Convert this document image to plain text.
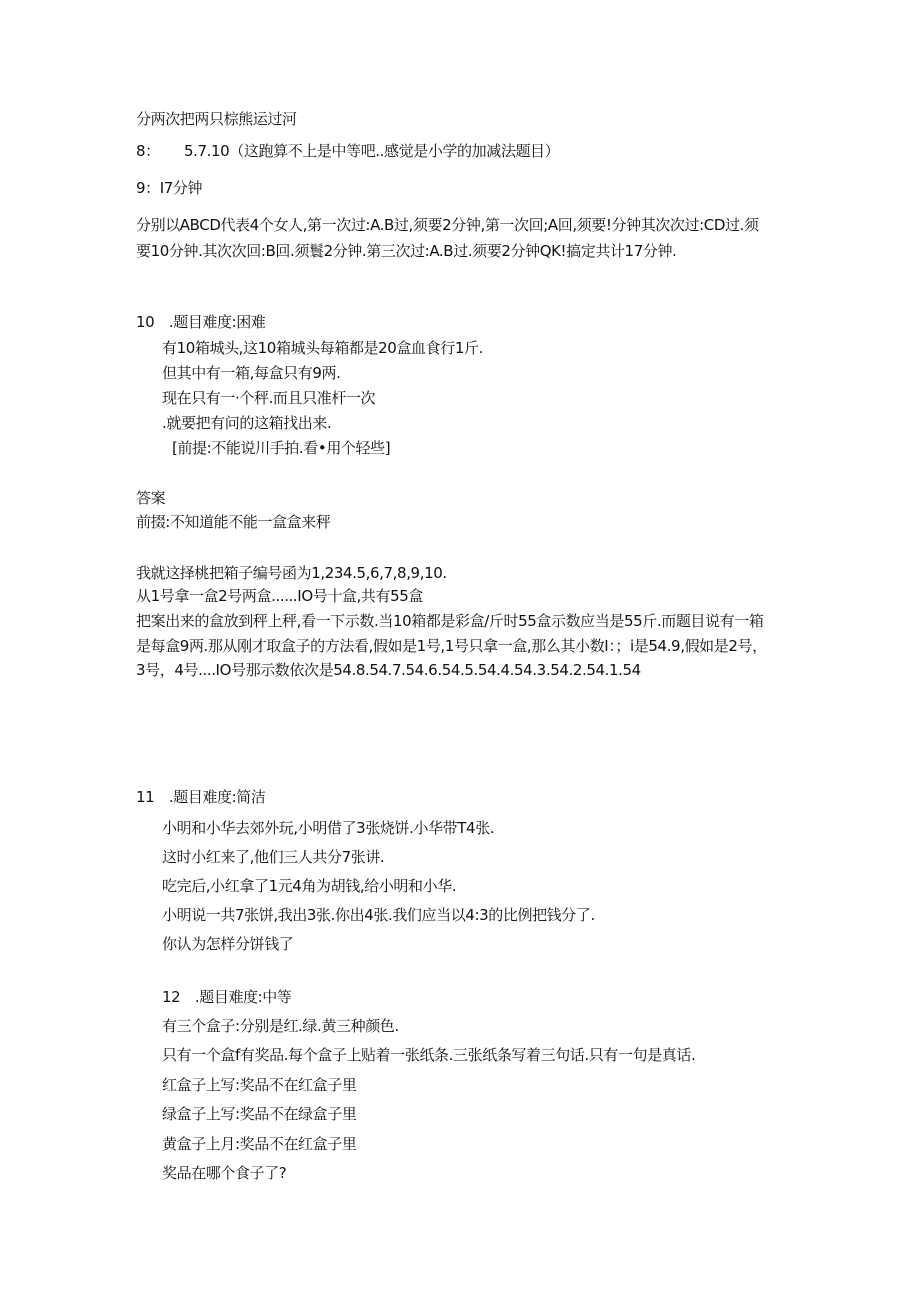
分两次把两只棕熊运过河
8： 5.7.10（这跑算不上是中等吧..感觉是小学的加减法题目）
9：I7分钟
分别以ABCD代表4个女人,第一次过:A.B过,须要2分钟,第一次回;A回,须要!分钟其次次过:CD过.须
要10分钟.其次次回:B回.须鬟2分钟.第三次过:A.B过.须要2分钟QK!搞定共计17分钟.
10　.题目难度:困难
有10箱城头,这10箱城头每箱都是20盒血食行1斤.
但其中有一箱,每盒只有9两.
现在只有一·个秤.而且只准杆一次
.就要把有问的这箱找出来.
[前提:不能说川手拍.看•用个轻些]
答案
前掇:不知道能不能一盒盒来秤
我就这择桃把箱子编号函为1,234.5,6,7,8,9,10.
从1号拿一盒2号两盒......IO号十盒,共有55盒
把案出来的盒放到秤上秤,看一下示数.当10箱都是彩盒/斤时55盒示数应当是55斤.而题目说有一箱
是每盒9两.那从刚才取盒子的方法看,假如是1号,1号只拿一盒,那么其小数I：；i是54.9,假如是2号，
3号，4号....IO号那示数依次是54.8.54.7.54.6.54.5.54.4.54.3.54.2.54.1.54
11　.题目难度:简洁
小明和小华去郊外玩,小明借了3张烧饼.小华带T4张.
这时小红来了,他们三人共分7张讲.
吃完后,小红拿了1元4角为胡钱,给小明和小华.
小明说一共7张饼,我出3张.你出4张.我们应当以4:3的比例把钱分了.
你认为怎样分饼钱了
12　.题目难度:中等
有三个盒子:分别是红.绿.黄三种颜色.
只有一个盒f有奖品.每个盒子上贴着一张纸条.三张纸条写着三句话.只有一句是真话.
红盒子上写:奖品不在红盒子里
绿盒子上写:奖品不在绿盒子里
黄盒子上月:奖品不在红盒子里
奖品在哪个食子了?
